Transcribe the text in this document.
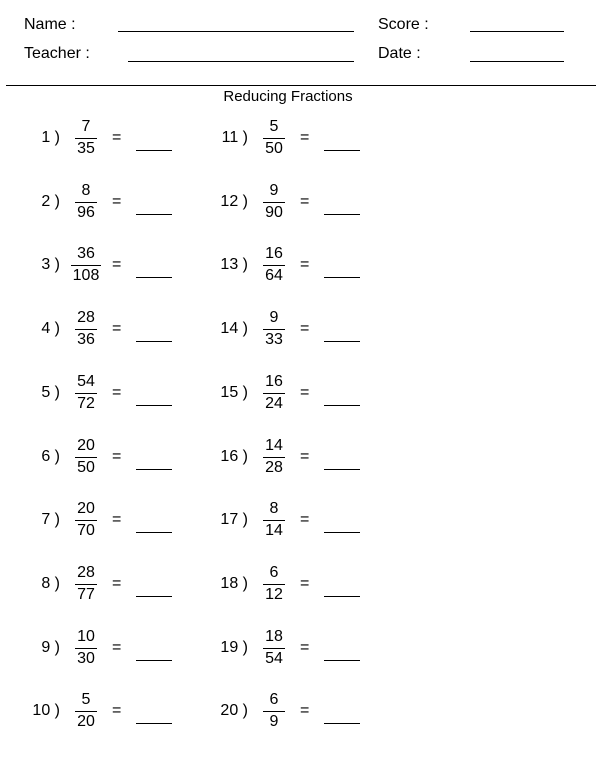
Name :	Score :
Teacher :	Date :
Reducing Fractions
1 )
7
35
=
2 )
8
96
=
3 )
36
108
=
4 )
28
36
=
5 )
54
72
=
6 )
20
50
=
7 )
20
70
=
8 )
28
77
=
9 )
10
30
=
10 )
5
20
=
11 )
5
50
=
12 )
9
90
=
13 )
16
64
=
14 )
9
33
=
15 )
16
24
=
16 )
14
28
=
17 )
8
14
=
18 )
6
12
=
19 )
18
54
=
20 )
6
9
=
